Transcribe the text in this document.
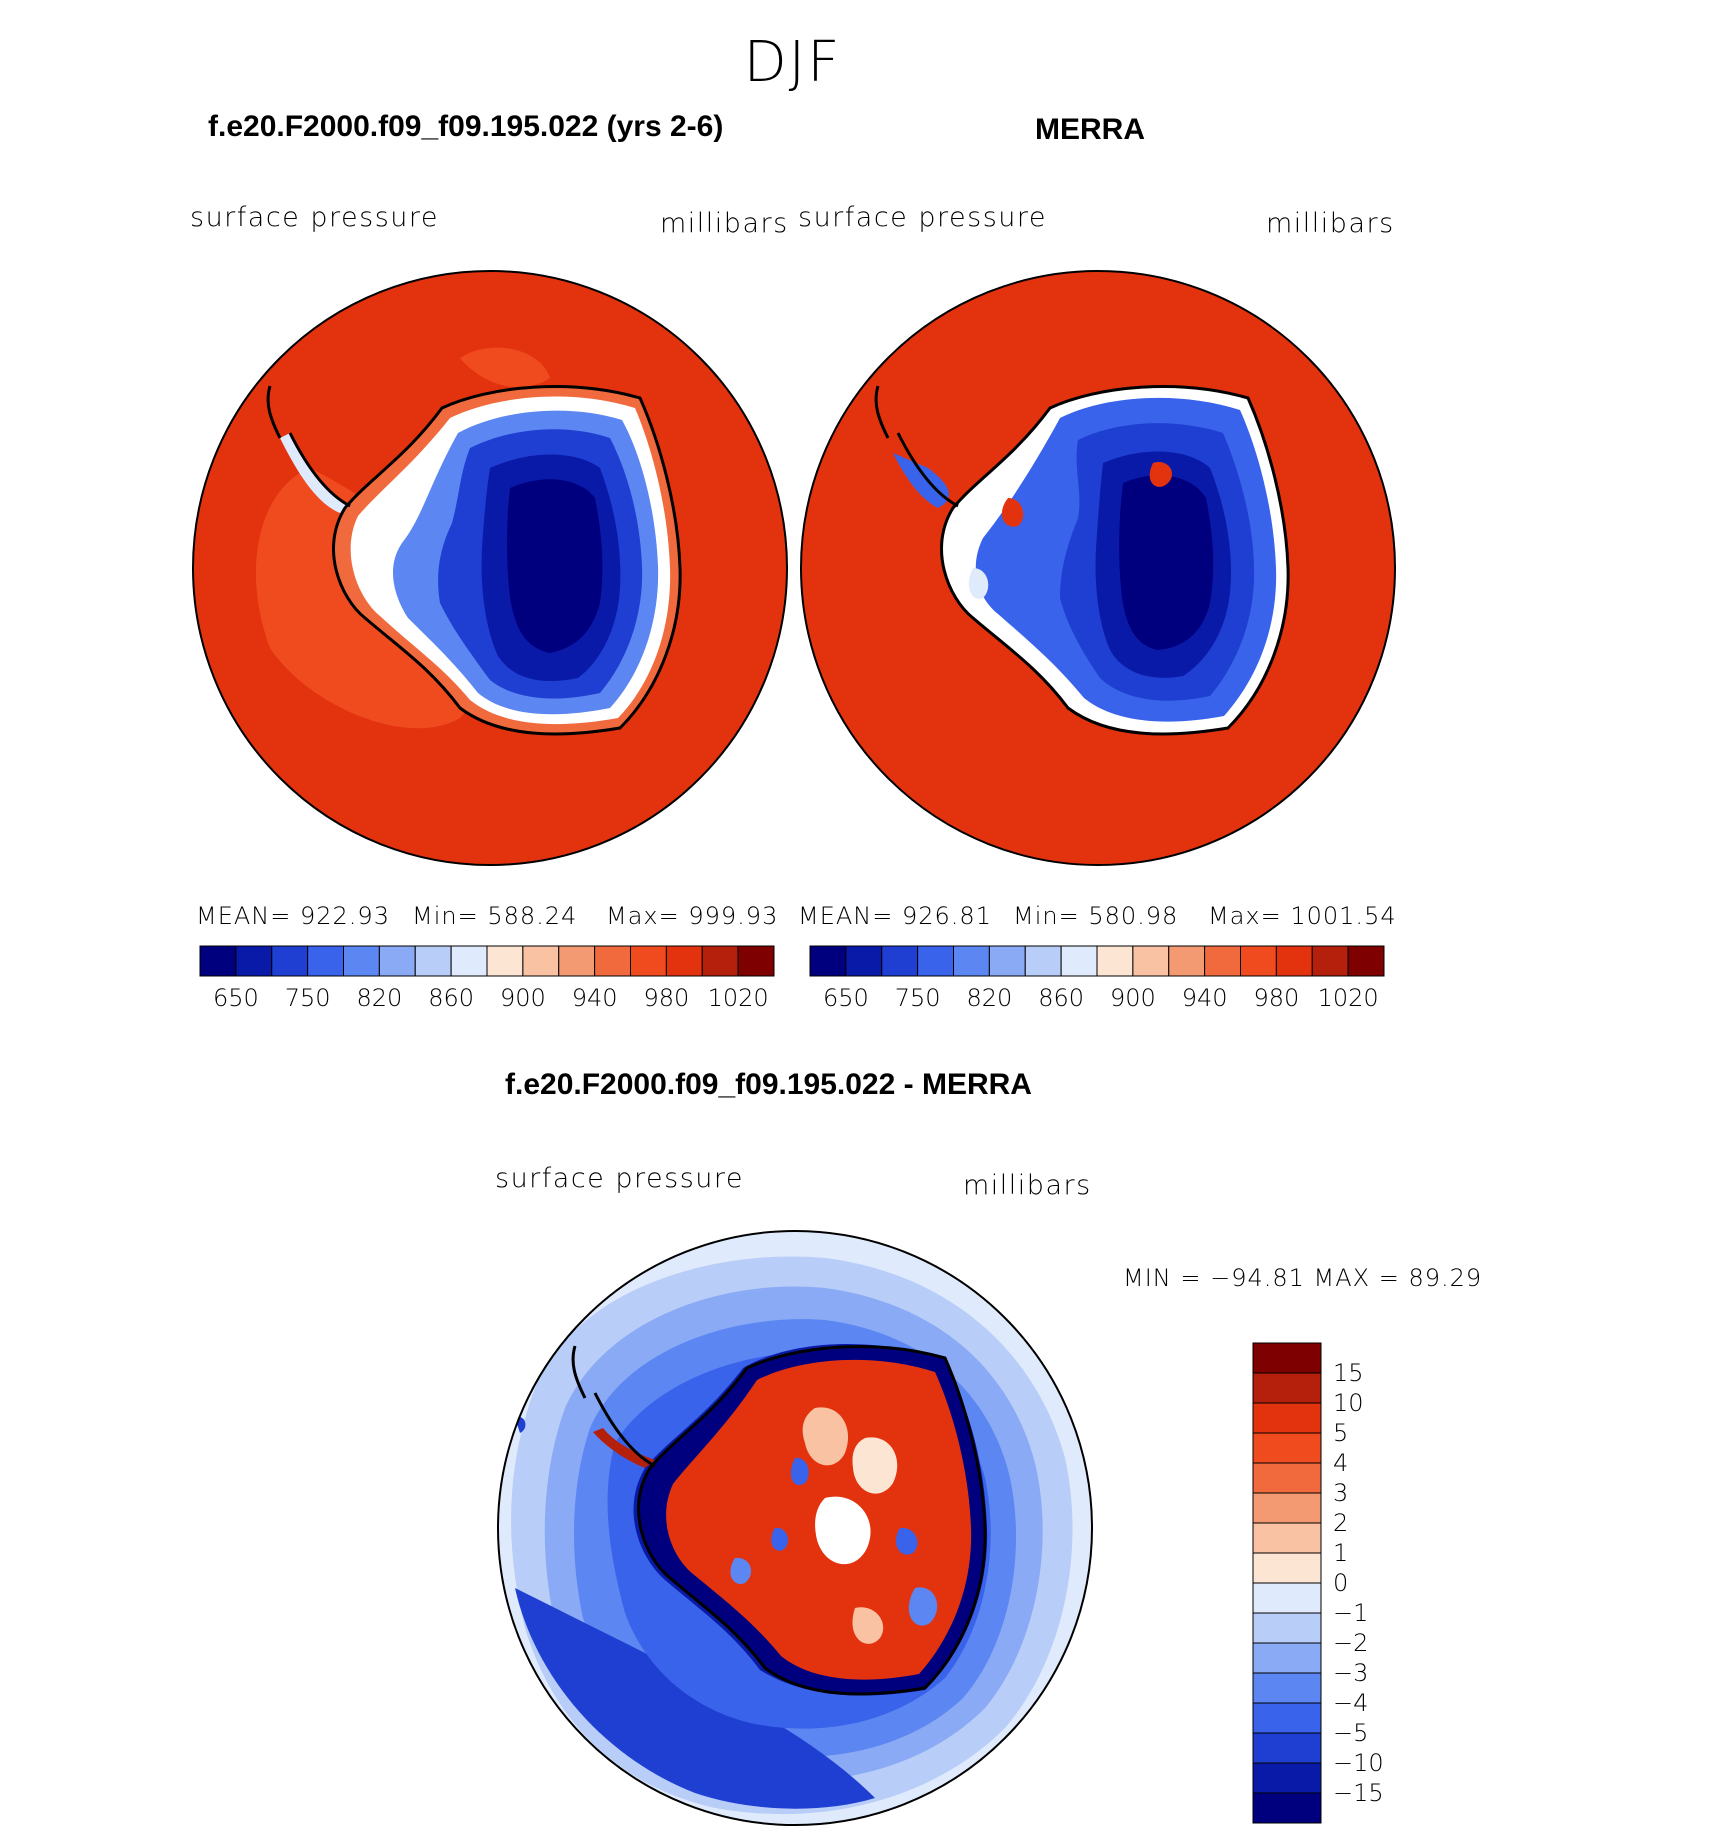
DJF
f.e20.F2000.f09_f09.195.022 (yrs 2-6)
surface pressure	millibars
MEAN= 922.93 Min= 588.24 Max= 999.93
650 750 820 860 900 940 980 1020
MERRA
surface pressure	millibars
MEAN= 926.81 Min= 580.98 Max= 1001.54
650 750 820 860 900 940 980 1020
f.e20.F2000.f09_f09.195.022 - MERRA
surface pressure	millibars
MIN = −94.81 MAX = 89.29
15
10
5
4
3
2
1
0
−1
−2
−3
−4
−5
−10
−15
